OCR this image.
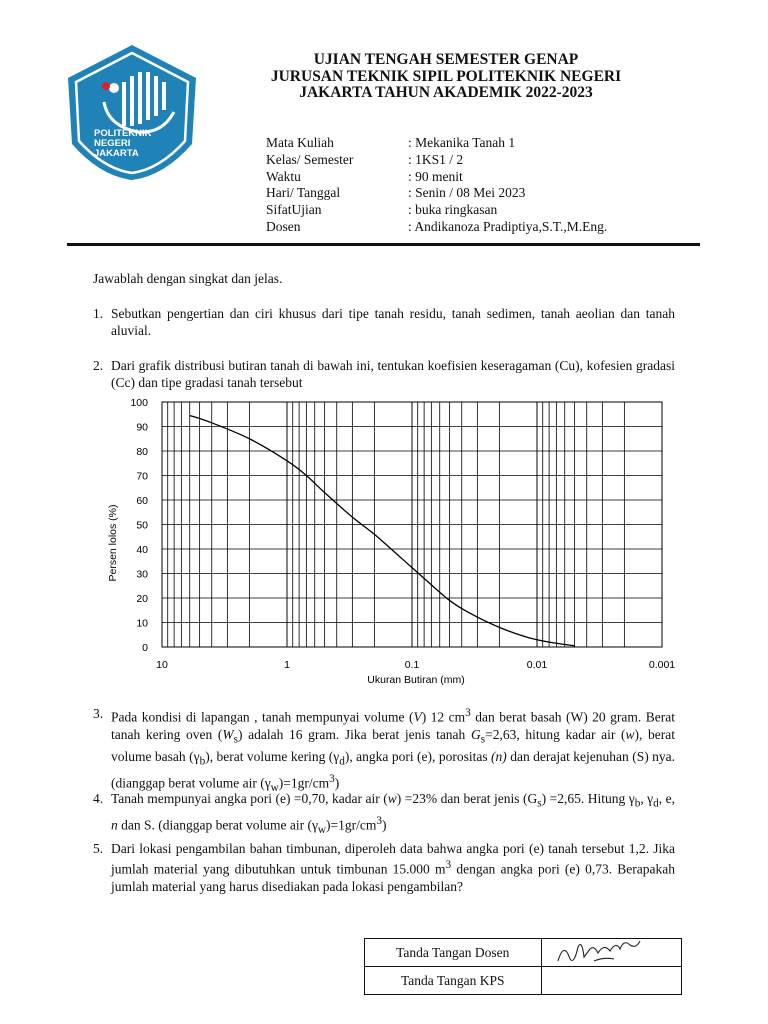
POLITEKNIK
NEGERI
JAKARTA
UJIAN TENGAH SEMESTER GENAP
JURUSAN TEKNIK SIPIL POLITEKNIK NEGERI
JAKARTA TAHUN AKADEMIK 2022-2023
Mata Kuliah	: Mekanika Tanah 1
Kelas/ Semester	: 1KS1 / 2
Waktu	: 90 menit
Hari/ Tanggal	: Senin / 08 Mei 2023
SifatUjian	: buka ringkasan
Dosen	: Andikanoza Pradiptiya,S.T.,M.Eng.
Jawablah dengan singkat dan jelas.
1. Sebutkan pengertian dan ciri khusus dari tipe tanah residu, tanah sedimen, tanah aeolian dan tanah aluvial.
2. Dari grafik distribusi butiran tanah di bawah ini, tentukan koefisien keseragaman (Cu), kofesien gradasi (Cc) dan tipe gradasi tanah tersebut
0
10
20
30
40
50
60
70
80
90
100
10	1	0.1	0.01	0.001
Persen lolos (%)
Ukuran Butiran (mm)
3. Pada kondisi di lapangan , tanah mempunyai volume (V) 12 $cm^3$ dan berat basah (W) 20 gram. Berat tanah kering oven $(W_s)$ adalah 16 gram. Jika berat jenis tanah $G_s=2,63$, hitung kadar air (w), berat volume basah $(\gamma_b)$, berat volume kering $(\gamma_d)$, angka pori (e), porositas (n) dan derajat kejenuhan (S) nya. (dianggap berat volume air $(\gamma_w)=1gr/cm^3$)
4. Tanah mempunyai angka pori (e) =0,70, kadar air (w) =23% dan berat jenis $(G_s) =2,65$. Hitung $\gamma_b$, $\gamma_d$, e, n dan S. (dianggap berat volume air $(\gamma_w)=1gr/cm^3$)
5. Dari lokasi pengambilan bahan timbunan, diperoleh data bahwa angka pori (e) tanah tersebut 1,2. Jika jumlah material yang dibutuhkan untuk timbunan 15.000 $m^3$ dengan angka pori (e) 0,73. Berapakah jumlah material yang harus disediakan pada lokasi pengambilan?
Tanda Tangan Dosen	

Tanda Tangan KPS	
